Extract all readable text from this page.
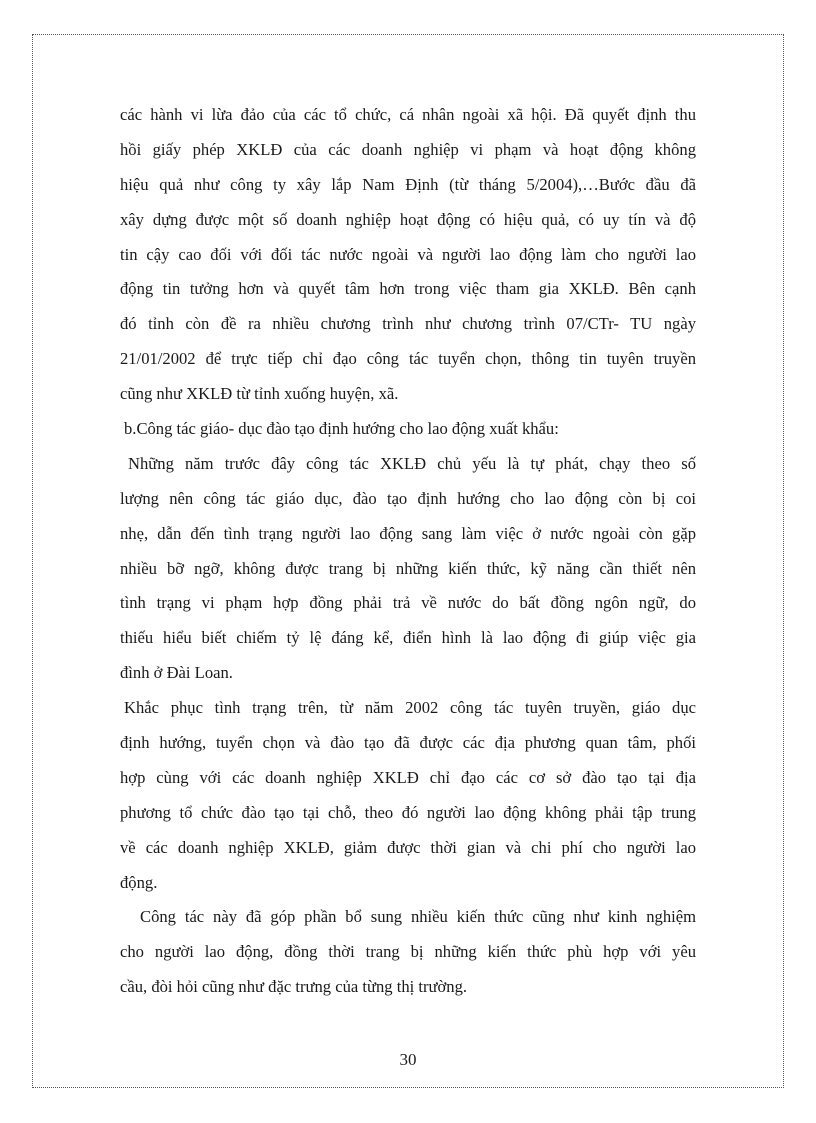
các hành vi lừa đảo của các tổ chức, cá nhân ngoài xã hội. Đã quyết định thu
hồi giấy phép XKLĐ của các doanh nghiệp vi phạm và hoạt động không
hiệu quả như công ty xây lắp Nam Định (từ tháng 5/2004),…Bước đầu đã
xây dựng được một số doanh nghiệp hoạt động có hiệu quả, có uy tín và độ
tin cậy cao đối với đối tác nước ngoài và người lao động làm cho người lao
động tin tưởng hơn và quyết tâm hơn trong việc tham gia XKLĐ. Bên cạnh
đó tỉnh còn đề ra nhiều chương trình như chương trình 07/CTr- TU ngày
21/01/2002 để trực tiếp chỉ đạo công tác tuyển chọn, thông tin tuyên truyền
cũng như XKLĐ từ tỉnh xuống huyện, xã.
b.Công tác giáo- dục đào tạo định hướng cho lao động xuất khẩu:
Những năm trước đây công tác XKLĐ chủ yếu là tự phát, chạy theo số
lượng nên công tác giáo dục, đào tạo định hướng cho lao động còn bị coi
nhẹ, dẫn đến tình trạng người lao động sang làm việc ở nước ngoài còn gặp
nhiều bỡ ngỡ, không được trang bị những kiến thức, kỹ năng cần thiết nên
tình trạng vi phạm hợp đồng phải trả về nước do bất đồng ngôn ngữ, do
thiếu hiểu biết chiếm tỷ lệ đáng kể, điển hình là lao động đi giúp việc gia
đình ở Đài Loan.
Khắc phục tình trạng trên, từ năm 2002 công tác tuyên truyền, giáo dục
định hướng, tuyển chọn và đào tạo đã được các địa phương quan tâm, phối
hợp cùng với các doanh nghiệp XKLĐ chỉ đạo các cơ sở đào tạo tại địa
phương tổ chức đào tạo tại chỗ, theo đó người lao động không phải tập trung
về các doanh nghiệp XKLĐ, giảm được thời gian và chi phí cho người lao
động.
Công tác này đã góp phần bổ sung nhiều kiến thức cũng như kinh nghiệm
cho người lao động, đồng thời trang bị những kiến thức phù hợp với yêu
cầu, đòi hỏi cũng như đặc trưng của từng thị trường.
30
